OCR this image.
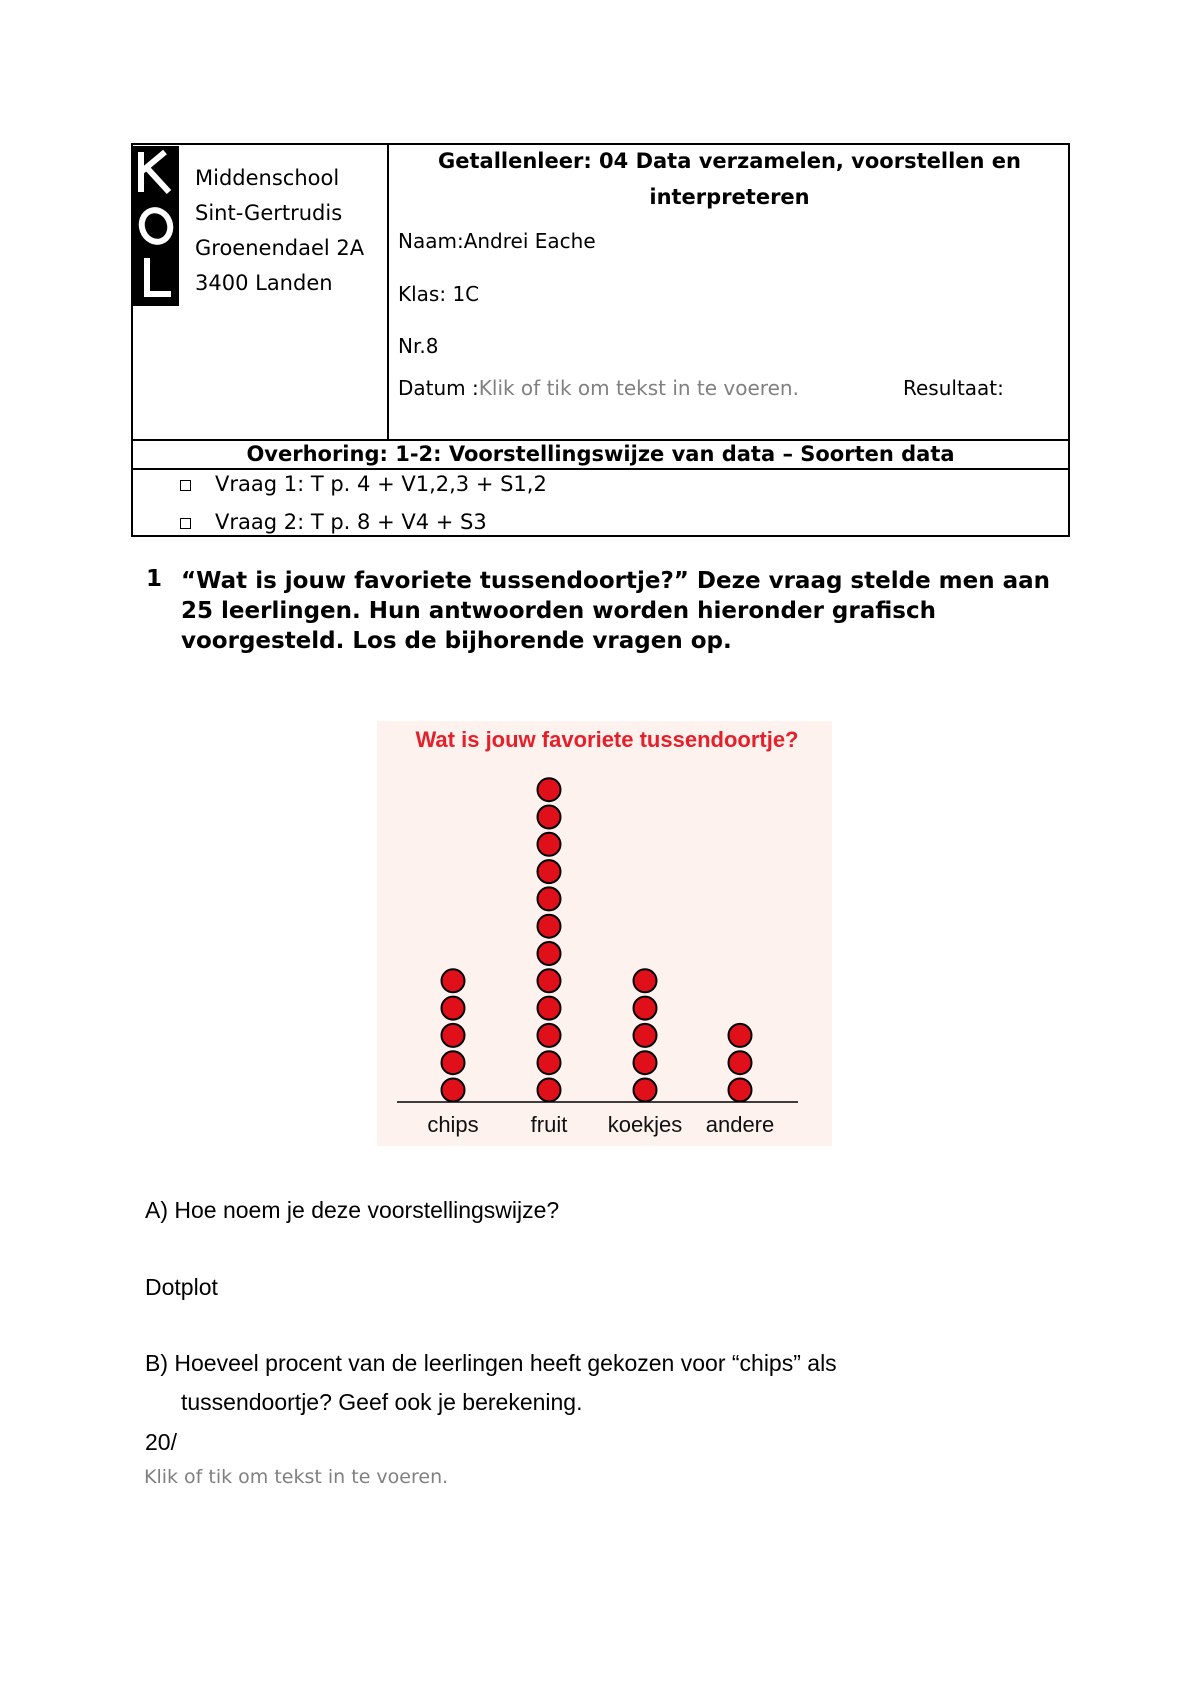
Middenschool
Sint-Gertrudis
Groenendael 2A
3400 Landen
Getallenleer: 04 Data verzamelen, voorstellen en
interpreteren
Naam:Andrei Eache
Klas: 1C
Nr.8
Datum :Klik of tik om tekst in te voeren.	Resultaat:
Overhoring: 1-2: Voorstellingswijze van data – Soorten data
Vraag 1: T p. 4 + V1,2,3 + S1,2
Vraag 2: T p. 8 + V4 + S3
1 “Wat is jouw favoriete tussendoortje?” Deze vraag stelde men aan 25 leerlingen. Hun antwoorden worden hieronder grafisch voorgesteld. Los de bijhorende vragen op.
Wat is jouw favoriete tussendoortje?
chips fruit koekjes andere
A) Hoe noem je deze voorstellingswijze?
Dotplot
B) Hoeveel procent van de leerlingen heeft gekozen voor “chips” als
tussendoortje? Geef ook je berekening.
20/
Klik of tik om tekst in te voeren.
